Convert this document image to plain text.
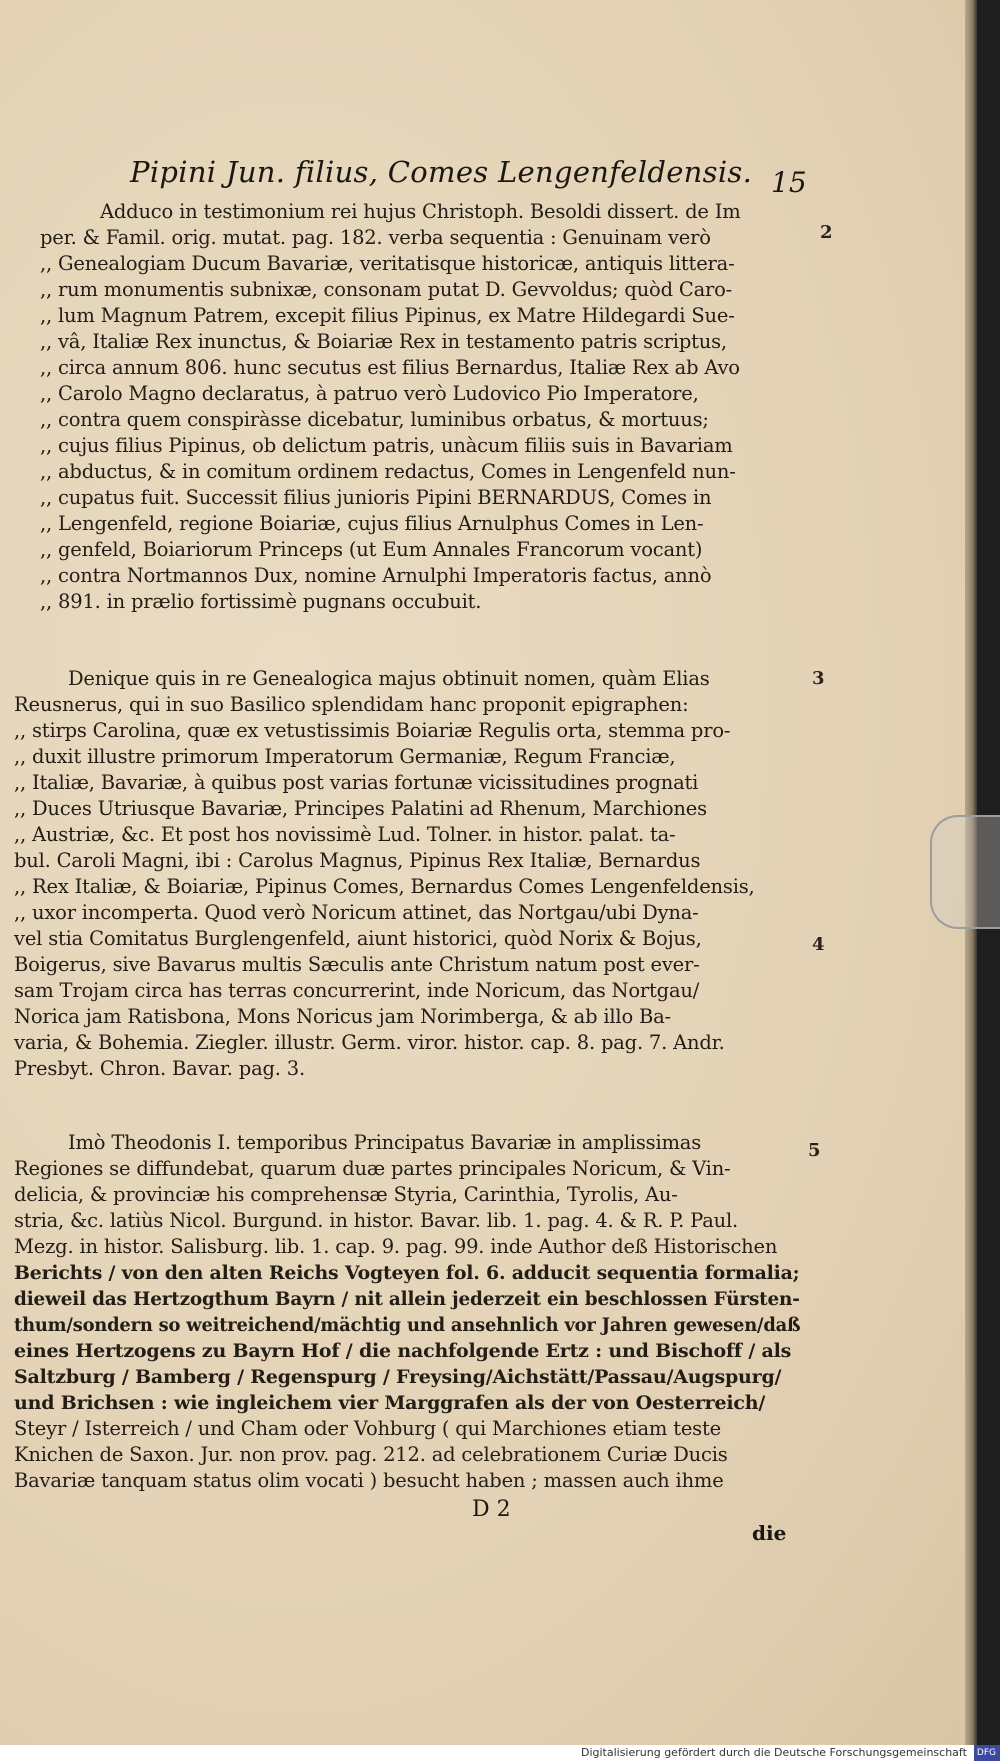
Pipini Jun. filius, Comes Lengenfeldensis. 15
Adduco in testimonium rei hujus Christoph. Besoldi dissert. de Im
per. & Famil. orig. mutat. pag. 182. verba sequentia : Genuinam verò
,, Genealogiam Ducum Bavariæ, veritatisque historicæ, antiquis littera-
,, rum monumentis subnixæ, consonam putat D. Gevvoldus; quòd Caro-
,, lum Magnum Patrem, excepit filius Pipinus, ex Matre Hildegardi Sue-
,, vâ, Italiæ Rex inunctus, & Boiariæ Rex in testamento patris scriptus,
,, circa annum 806. hunc secutus est filius Bernardus, Italiæ Rex ab Avo
,, Carolo Magno declaratus, à patruo verò Ludovico Pio Imperatore,
,, contra quem conspiràsse dicebatur, luminibus orbatus, & mortuus;
,, cujus filius Pipinus, ob delictum patris, unàcum filiis suis in Bavariam
,, abductus, & in comitum ordinem redactus, Comes in Lengenfeld nun-
,, cupatus fuit. Successit filius junioris Pipini BERNARDUS, Comes in
,, Lengenfeld, regione Boiariæ, cujus filius Arnulphus Comes in Len-
,, genfeld, Boiariorum Princeps (ut Eum Annales Francorum vocant)
,, contra Nortmannos Dux, nomine Arnulphi Imperatoris factus, annò
,, 891. in prælio fortissimè pugnans occubuit.
Denique quis in re Genealogica majus obtinuit nomen, quàm Elias
Reusnerus, qui in suo Basilico splendidam hanc proponit epigraphen:
,, stirps Carolina, quæ ex vetustissimis Boiariæ Regulis orta, stemma pro-
,, duxit illustre primorum Imperatorum Germaniæ, Regum Franciæ,
,, Italiæ, Bavariæ, à quibus post varias fortunæ vicissitudines prognati
,, Duces Utriusque Bavariæ, Principes Palatini ad Rhenum, Marchiones
,, Austriæ, &c. Et post hos novissimè Lud. Tolner. in histor. palat. ta-
bul. Caroli Magni, ibi : Carolus Magnus, Pipinus Rex Italiæ, Bernardus
,, Rex Italiæ, & Boiariæ, Pipinus Comes, Bernardus Comes Lengenfeldensis,
,, uxor incomperta. Quod verò Noricum attinet, das Nortgau/ubi Dyna-
vel stia Comitatus Burglengenfeld, aiunt historici, quòd Norix & Bojus,
Boigerus, sive Bavarus multis Sæculis ante Christum natum post ever-
sam Trojam circa has terras concurrerint, inde Noricum, das Nortgau/
Norica jam Ratisbona, Mons Noricus jam Norimberga, & ab illo Ba-
varia, & Bohemia. Ziegler. illustr. Germ. viror. histor. cap. 8. pag. 7. Andr.
Presbyt. Chron. Bavar. pag. 3.
Imò Theodonis I. temporibus Principatus Bavariæ in amplissimas
Regiones se diffundebat, quarum duæ partes principales Noricum, & Vin-
delicia, & provinciæ his comprehensæ Styria, Carinthia, Tyrolis, Au-
stria, &c. latiùs Nicol. Burgund. in histor. Bavar. lib. 1. pag. 4. & R. P. Paul.
Mezg. in histor. Salisburg. lib. 1. cap. 9. pag. 99. inde Author deß Historischen
Berichts / von den alten Reichs Vogteyen fol. 6. adducit sequentia formalia;
dieweil das Hertzogthum Bayrn / nit allein jederzeit ein beschlossen Fürsten-
thum/sondern so weitreichend/mächtig und ansehnlich vor Jahren gewesen/daß
eines Hertzogens zu Bayrn Hof / die nachfolgende Ertz : und Bischoff / als
Saltzburg / Bamberg / Regenspurg / Freysing/Aichstätt/Passau/Augspurg/
und Brichsen : wie ingleichem vier Marggrafen als der von Oesterreich/
Steyr / Isterreich / und Cham oder Vohburg ( qui Marchiones etiam teste
Knichen de Saxon. Jur. non prov. pag. 212. ad celebrationem Curiæ Ducis
Bavariæ tanquam status olim vocati ) besucht haben ; massen auch ihme
D 2
die
2
3
4
5
Digitalisierung gefördert durch die Deutsche Forschungsgemeinschaft DFG
